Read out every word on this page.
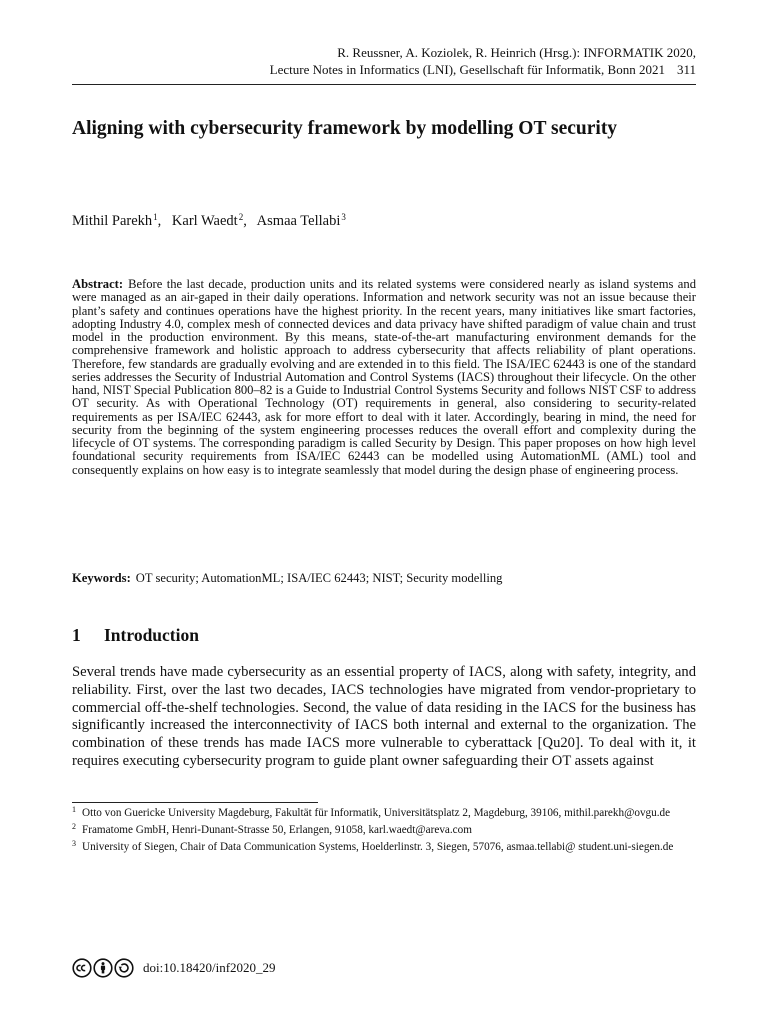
R. Reussner, A. Koziolek, R. Heinrich (Hrsg.): INFORMATIK 2020,
Lecture Notes in Informatics (LNI), Gesellschaft für Informatik, Bonn 2021 311
Aligning with cybersecurity framework by modelling OT security
Mithil Parekh$^1$, Karl Waedt$^2$, Asmaa Tellabi$^3$

Abstract: Before the last decade, production units and its related systems were considered nearly as island systems and were managed as an air-gaped in their daily operations. Information and network security was not an issue because their plant’s safety and continues operations have the highest priority. In the recent years, many initiatives like smart factories, adopting Industry 4.0, complex mesh of connected devices and data privacy have shifted paradigm of value chain and trust model in the production environment. By this means, state-of-the-art manufacturing environment demands for the comprehensive framework and holistic approach to address cybersecurity that affects reliability of plant operations. Therefore, few standards are gradually evolving and are extended in to this field. The ISA/IEC 62443 is one of the standard series addresses the Security of Industrial Automation and Control Systems (IACS) throughout their lifecycle. On the other hand, NIST Special Publication 800–82 is a Guide to Industrial Control Systems Security and follows NIST CSF to address OT security. As with Operational Technology (OT) requirements in general, also considering to security-related requirements as per ISA/IEC 62443, ask for more effort to deal with it later. Accordingly, bearing in mind, the need for security from the beginning of the system engineering processes reduces the overall effort and complexity during the lifecycle of OT systems. The corresponding paradigm is called Security by Design. This paper proposes on how high level foundational security requirements from ISA/IEC 62443 can be modelled using AutomationML (AML) tool and consequently explains on how easy is to integrate seamlessly that model during the design phase of engineering process.

Keywords: OT security; AutomationML; ISA/IEC 62443; NIST; Security modelling
1 Introduction

Several trends have made cybersecurity as an essential property of IACS, along with safety, integrity, and reliability. First, over the last two decades, IACS technologies have migrated from vendor-proprietary to commercial off-the-shelf technologies. Second, the value of data residing in the IACS for the business has significantly increased the interconnectivity of IACS both internal and external to the organization. The combination of these trends has made IACS more vulnerable to cyberattack [Qu20]. To deal with it, it requires executing cybersecurity program to guide plant owner safeguarding their OT assets against

1 Otto von Guericke University Magdeburg, Fakultät für Informatik, Universitätsplatz 2, Magdeburg, 39106, mithil.parekh@ovgu.de
2 Framatome GmbH, Henri-Dunant-Strasse 50, Erlangen, 91058, karl.waedt@areva.com
3 University of Siegen, Chair of Data Communication Systems, Hoelderlinstr. 3, Siegen, 57076, asmaa.tellabi@ student.uni-siegen.de
doi:10.18420/inf2020_29
